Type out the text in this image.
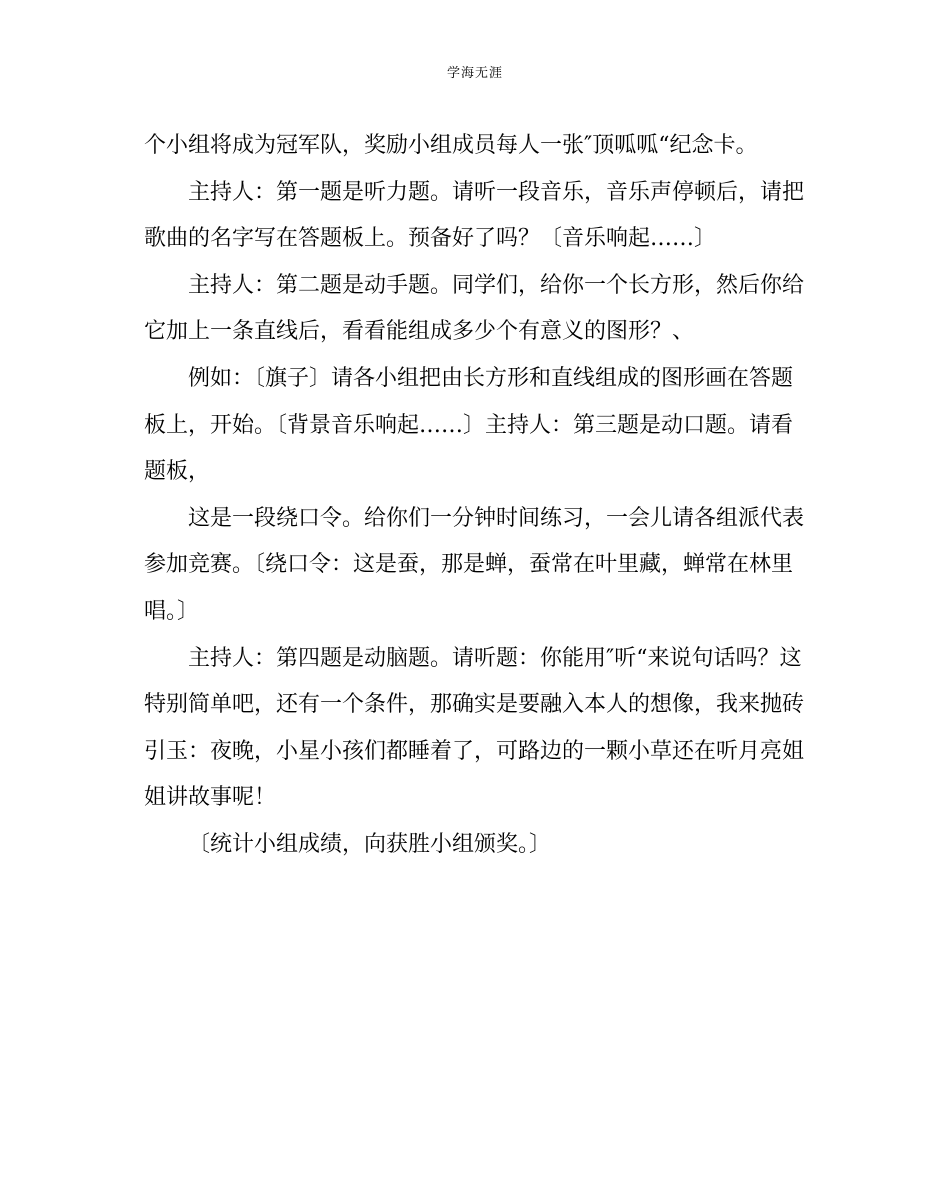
学海无涯

个小组将成为冠军队，奖励小组成员每人一张″顶呱呱“纪念卡。

主持人：第一题是听力题。请听一段音乐，音乐声停顿后，请把歌曲的名字写在答题板上。预备好了吗？〔音乐响起……〕

主持人：第二题是动手题。同学们，给你一个长方形，然后你给它加上一条直线后，看看能组成多少个有意义的图形？、

例如：〔旗子〕请各小组把由长方形和直线组成的图形画在答题板上，开始。〔背景音乐响起……〕主持人：第三题是动口题。请看题板，

这是一段绕口令。给你们一分钟时间练习，一会儿请各组派代表参加竞赛。〔绕口令：这是蚕，那是蝉，蚕常在叶里藏，蝉常在林里唱。〕

主持人：第四题是动脑题。请听题：你能用″听“来说句话吗？这特别简单吧，还有一个条件，那确实是要融入本人的想像，我来抛砖引玉：夜晚，小星小孩们都睡着了，可路边的一颗小草还在听月亮姐姐讲故事呢！

〔统计小组成绩，向获胜小组颁奖。〕
